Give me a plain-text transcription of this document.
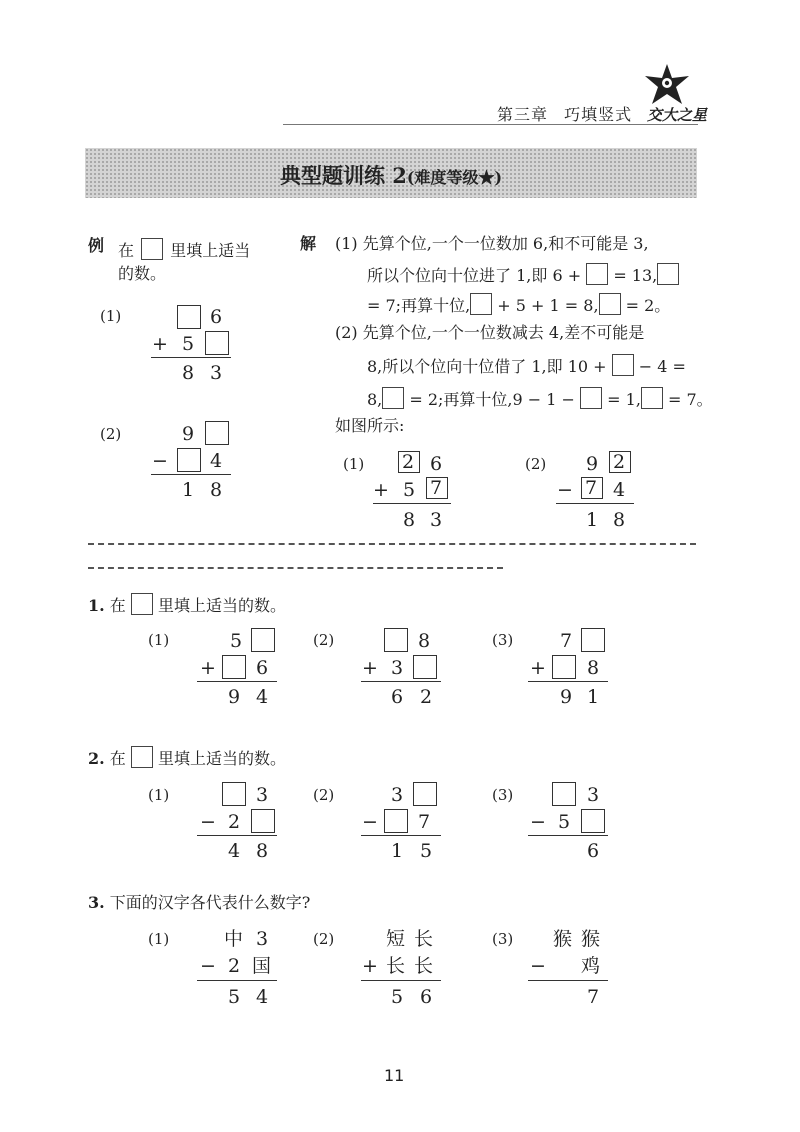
第三章 巧填竖式 交大之星
典型题训练 2(难度等级★)
例 在 里填上适当
的数。
(1)	6
+ 5
8 3
(2)	9
− 4
1 8
解 (1) 先算个位,一个一位数加 6,和不可能是 3,
所以个位向十位进了 1,即 6 + = 13,
= 7;再算十位, + 5 + 1 = 8, = 2。
(2) 先算个位,一个一位数减去 4,差不可能是
8,所以个位向十位借了 1,即 10 + − 4 =
8, = 2;再算十位,9 − 1 − = 1, = 7。
如图所示:
(1) 2 6
+ 5 7
8 3
(2) 9 2
− 7 4
1 8
1. 在 里填上适当的数。
(1)	5
+ 6
9 4
(2)	8
+ 3
6 2
(3) 7
+ 8
9 1
2. 在 里填上适当的数。
(1)	3
− 2
4 8
(2)	3
− 7
1 5
(3)	3
− 5
6
3. 下面的汉字各代表什么数字?
(1)	中 3
− 2 国
5 4
(2)	短 长
+ 长 长
5 6
(3) 猴 猴
− 鸡
7
11
